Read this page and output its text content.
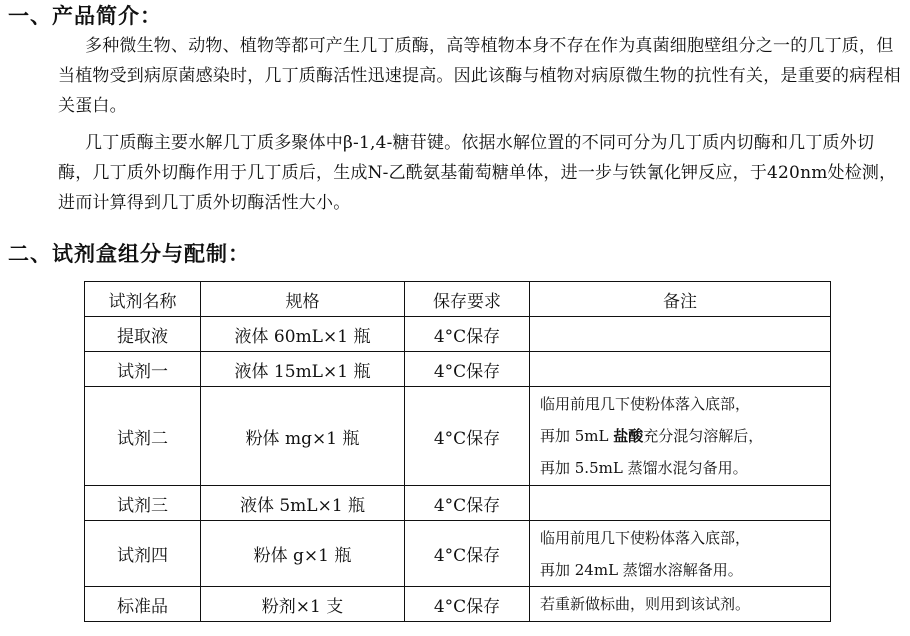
一、产品简介：

多种微生物、动物、植物等都可产生几丁质酶，高等植物本身不存在作为真菌细胞壁组分之一的几丁质，但当植物受到病原菌感染时，几丁质酶活性迅速提高。因此该酶与植物对病原微生物的抗性有关，是重要的病程相关蛋白。

几丁质酶主要水解几丁质多聚体中β-1,4-糖苷键。依据水解位置的不同可分为几丁质内切酶和几丁质外切酶，几丁质外切酶作用于几丁质后，生成N-乙酰氨基葡萄糖单体，进一步与铁氰化钾反应，于420nm处检测，进而计算得到几丁质外切酶活性大小。

二、试剂盒组分与配制：
试剂名称	规格	保存要求	备注
提取液	液体 60mL×1 瓶	4°C保存	
试剂一	液体 15mL×1 瓶	4°C保存	
试剂二	粉体 mg×1 瓶	4°C保存	临用前甩几下使粉体落入底部，
再加 5mL 盐酸充分混匀溶解后，
再加 5.5mL 蒸馏水混匀备用。

试剂三	液体 5mL×1 瓶	4°C保存	
试剂四	粉体 g×1 瓶	4°C保存	临用前甩几下使粉体落入底部，
再加 24mL 蒸馏水溶解备用。

标准品	粉剂×1 支	4°C保存	若重新做标曲，则用到该试剂。
